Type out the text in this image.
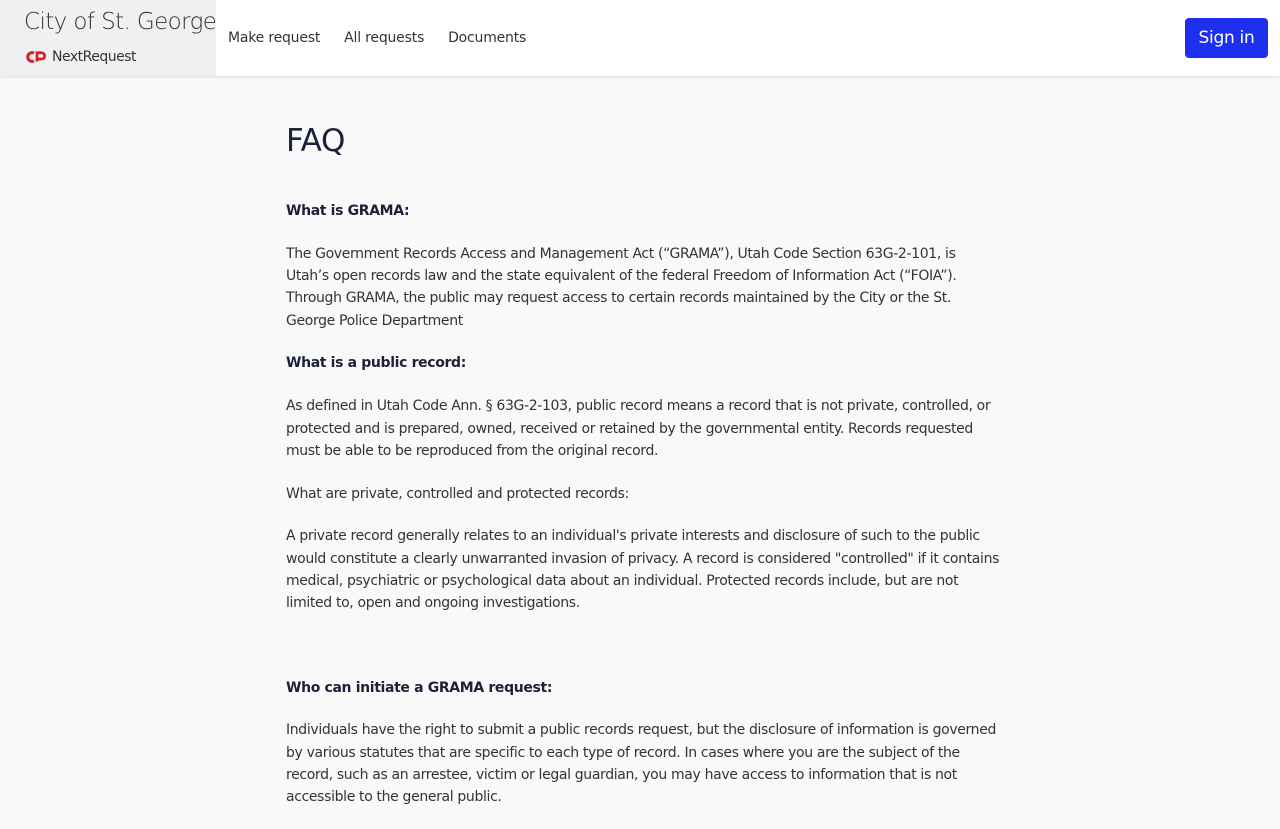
City of St. George
NextRequest
Make request	All requests	Documents	Sign in
FAQ

What is GRAMA:

The Government Records Access and Management Act (“GRAMA”), Utah Code Section 63G-2-101, is Utah’s open records law and the state equivalent of the federal Freedom of Information Act (“FOIA”). Through GRAMA, the public may request access to certain records maintained by the City or the St. George Police Department

What is a public record:

As defined in Utah Code Ann. § 63G-2-103, public record means a record that is not private, controlled, or protected and is prepared, owned, received or retained by the governmental entity. Records requested must be able to be reproduced from the original record.

What are private, controlled and protected records:

A private record generally relates to an individual's private interests and disclosure of such to the public would constitute a clearly unwarranted invasion of privacy. A record is considered "controlled" if it contains medical, psychiatric or psychological data about an individual. Protected records include, but are not limited to, open and ongoing investigations.

Who can initiate a GRAMA request:

Individuals have the right to submit a public records request, but the disclosure of information is governed by various statutes that are specific to each type of record. In cases where you are the subject of the record, such as an arrestee, victim or legal guardian, you may have access to information that is not accessible to the general public.
